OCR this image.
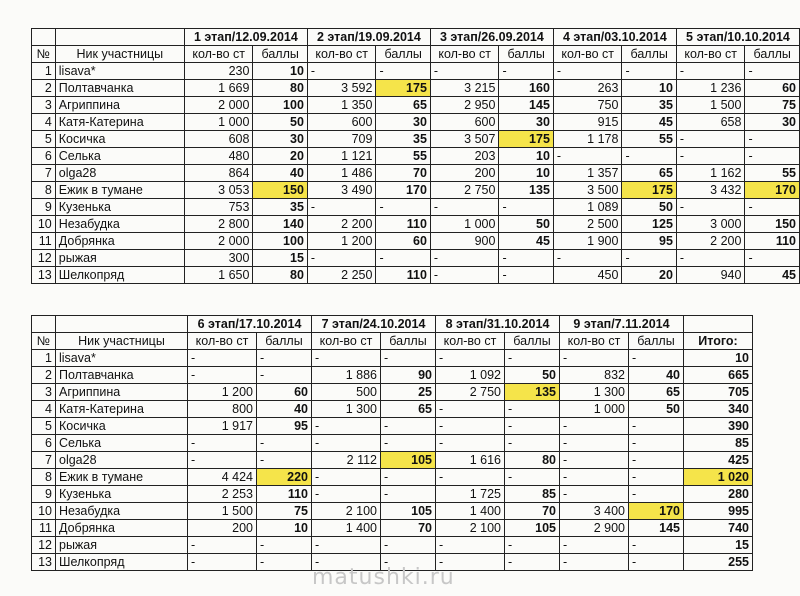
		1 этап/12.09.2014		2 этап/19.09.2014		3 этап/26.09.2014		4 этап/03.10.2014		5 этап/10.10.2014	
№	Ник участницы	кол-во ст	баллы	кол-во ст	баллы	кол-во ст	баллы	кол-во ст	баллы	кол-во ст	баллы
1	lisava*	230	10	-	-	-	-	-	-	-	-
2	Полтавчанка	1 669	80	3 592	175	3 215	160	263	10	1 236	60
3	Агриппина	2 000	100	1 350	65	2 950	145	750	35	1 500	75
4	Катя-Катерина	1 000	50	600	30	600	30	915	45	658	30
5	Косичка	608	30	709	35	3 507	175	1 178	55	-	-
6	Селька	480	20	1 121	55	203	10	-	-	-	-
7	olga28	864	40	1 486	70	200	10	1 357	65	1 162	55
8	Ежик в тумане	3 053	150	3 490	170	2 750	135	3 500	175	3 432	170
9	Кузенька	753	35	-	-	-	-	1 089	50	-	-
10	Незабудка	2 800	140	2 200	110	1 000	50	2 500	125	3 000	150
11	Добрянка	2 000	100	1 200	60	900	45	1 900	95	2 200	110
12	рыжая	300	15	-	-	-	-	-	-	-	-
13	Шелкопряд	1 650	80	2 250	110	-	-	450	20	940	45
		6 этап/17.10.2014		7 этап/24.10.2014		8 этап/31.10.2014		9 этап/7.11.2014		
№	Ник участницы	кол-во ст	баллы	кол-во ст	баллы	кол-во ст	баллы	кол-во ст	баллы	Итого:
1	lisava*	-	-	-	-	-	-	-	-	10
2	Полтавчанка	-	-	1 886	90	1 092	50	832	40	665
3	Агриппина	1 200	60	500	25	2 750	135	1 300	65	705
4	Катя-Катерина	800	40	1 300	65	-	-	1 000	50	340
5	Косичка	1 917	95	-	-	-	-	-	-	390
6	Селька	-	-	-	-	-	-	-	-	85
7	olga28	-	-	2 112	105	1 616	80	-	-	425
8	Ежик в тумане	4 424	220	-	-	-	-	-	-	1 020
9	Кузенька	2 253	110	-	-	1 725	85	-	-	280
10	Незабудка	1 500	75	2 100	105	1 400	70	3 400	170	995
11	Добрянка	200	10	1 400	70	2 100	105	2 900	145	740
12	рыжая	-	-	-	-	-	-	-	-	15
13	Шелкопряд	-	-	-	-	-	-	-	-	255
matushki.ru
